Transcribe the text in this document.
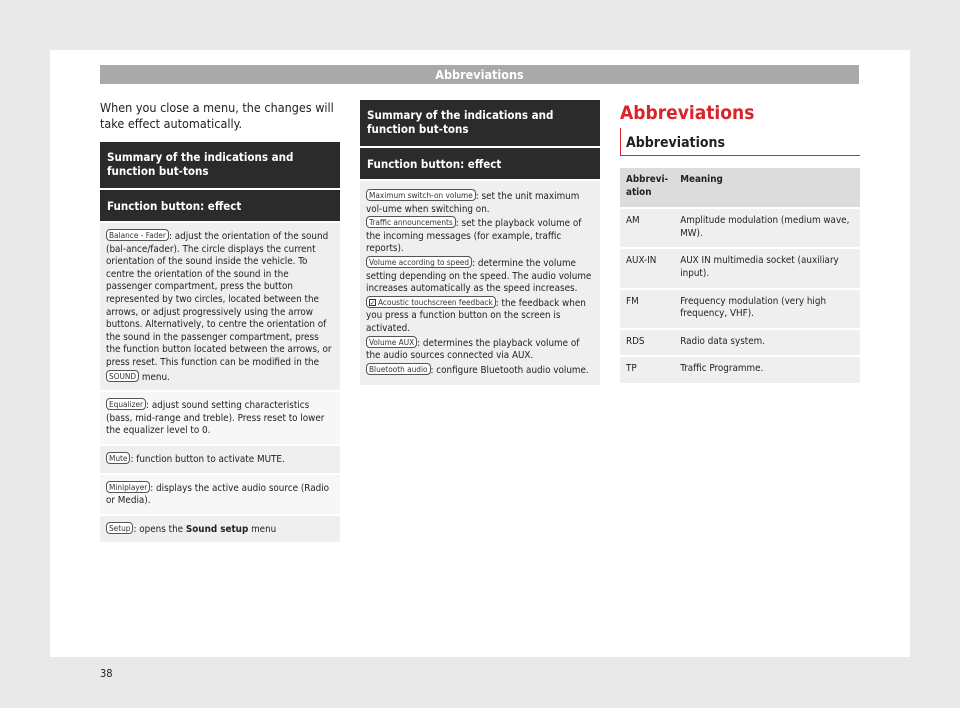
Abbreviations

When you close a menu, the changes will take effect automatically.

Summary of the indications and function but-tons
Function button: effect
Balance - Fader : adjust the orientation of the sound (bal-ance/fader). The circle displays the current orientation of the sound inside the vehicle. To centre the orientation of the sound in the passenger compartment, press the button represented by two circles, located between the arrows, or adjust progressively using the arrow buttons. Alternatively, to centre the orientation of the sound in the passenger compartment, press the function button located between the arrows, or press reset. This function can be modified in the SOUND menu.
Equalizer : adjust sound setting characteristics (bass, mid-range and treble). Press reset to lower the equalizer level to 0.
Mute : function button to activate MUTE.
Miniplayer : displays the active audio source (Radio or Media).
Setup : opens the Sound setup menu
Summary of the indications and function but-tons
Function button: effect
Maximum switch-on volume : set the unit maximum vol-ume when switching on.
Traffic announcements : set the playback volume of the incoming messages (for example, traffic reports).
Volume according to speed : determine the volume setting depending on the speed. The audio volume increases automatically as the speed increases.
✓ Acoustic touchscreen feedback : the feedback when you press a function button on the screen is activated.
Volume AUX : determines the playback volume of the audio sources connected via AUX.
Bluetooth audio : configure Bluetooth audio volume.
Abbreviations
Abbreviations
Abbrevi-ation	Meaning
AM	Amplitude modulation (medium wave, MW).
AUX-IN	AUX IN multimedia socket (auxiliary input).
FM	Frequency modulation (very high frequency, VHF).
RDS	Radio data system.
TP	Traffic Programme.
38
